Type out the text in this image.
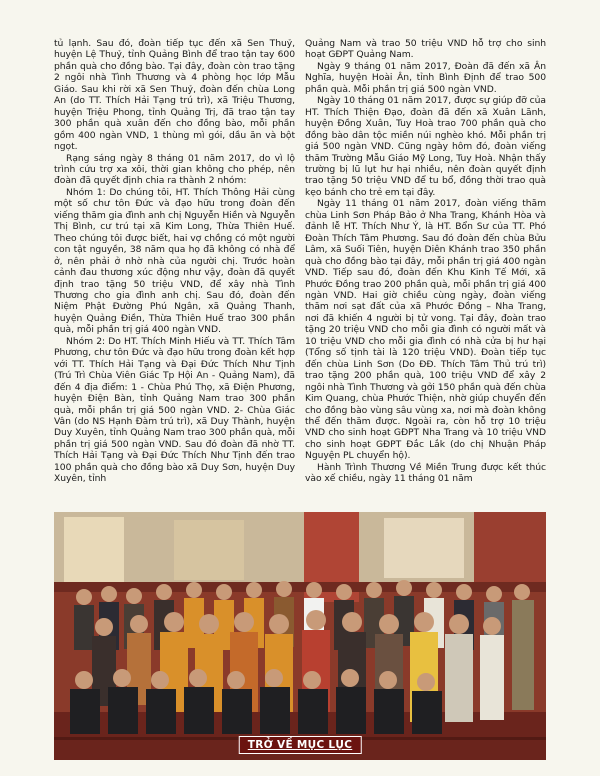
tủ lạnh. Sau đó, đoàn tiếp tục đến xã Sen Thuỷ, huyện Lệ Thuỷ, tỉnh Quảng Bình để trao tận tay 600 phần quà cho đồng bào. Tại đây, đoàn còn trao tặng 2 ngôi nhà Tình Thương và 4 phòng học lớp Mẫu Giáo. Sau khi rời xã Sen Thuỷ, đoàn đến chùa Long An (do TT. Thích Hải Tạng trú trì), xã Triệu Thương, huyện Triệu Phong, tỉnh Quảng Trị, đã trao tận tay 300 phần quà xuân đến cho đồng bào, mỗi phần gồm 400 ngàn VND, 1 thùng mì gói, dầu ăn và bột ngọt.

Rạng sáng ngày 8 tháng 01 năm 2017, do vì lộ trình cứu trợ xa xôi, thời gian không cho phép, nên đoàn đã quyết định chia ra thành 2 nhóm:

Nhóm 1: Do chúng tôi, HT. Thích Thông Hải cùng một số chư tôn Đức và đạo hữu trong đoàn đến viếng thăm gia đình anh chị Nguyễn Hiền và Nguyễn Thị Bình, cư trú tại xã Kim Long, Thừa Thiên Huế. Theo chúng tôi được biết, hai vợ chồng có một người con tật nguyền, 38 năm qua họ đã không có nhà để ở, nên phải ở nhờ nhà của người chị. Trước hoàn cảnh đau thương xúc động như vậy, đoàn đã quyết định trao tặng 50 triệu VND, để xây nhà Tình Thương cho gia đình anh chị. Sau đó, đoàn đến Niệm Phật Đường Phú Ngân, xã Quảng Thanh, huyện Quảng Điền, Thừa Thiên Huế trao 300 phần quà, mỗi phần trị giá 400 ngàn VND.

Nhóm 2: Do HT. Thích Minh Hiếu và TT. Thích Tâm Phương, chư tôn Đức và đạo hữu trong đoàn kết hợp với TT. Thích Hải Tạng và Đại Đức Thích Như Tịnh (Trú Trì Chùa Viên Giác Tp Hội An - Quảng Nam), đã đến 4 địa điểm: 1 - Chùa Phú Thọ, xã Điện Phương, huyện Điện Bàn, tỉnh Quảng Nam trao 300 phần quà, mỗi phần trị giá 500 ngàn VND. 2- Chùa Giác Vân (do NS Hạnh Đàm trú trì), xã Duy Thành, huyện Duy Xuyên, tỉnh Quảng Nam trao 300 phần quà, mỗi phần trị giá 500 ngàn VND. Sau đó đoàn đã nhờ TT. Thích Hải Tạng và Đại Đức Thích Như Tịnh đến trao 100 phần quà cho đồng bào xã Duy Sơn, huyện Duy Xuyên, tỉnh

Quảng Nam và trao 50 triệu VND hỗ trợ cho sinh hoạt GĐPT Quảng Nam.

Ngày 9 tháng 01 năm 2017, Đoàn đã đến xã Ân Nghĩa, huyện Hoài Ân, tỉnh Bình Định để trao 500 phần quà. Mỗi phần trị giá 500 ngàn VND.

Ngày 10 tháng 01 năm 2017, được sự giúp đỡ của HT. Thích Thiện Đạo, đoàn đã đến xã Xuân Lãnh, huyện Đồng Xuân, Tuy Hoà trao 700 phần quà cho đồng bào dân tộc miền núi nghèo khó. Mỗi phần trị giá 500 ngàn VND. Cũng ngày hôm đó, đoàn viếng thăm Trường Mẫu Giáo Mỹ Long, Tuy Hoà. Nhận thấy trường bị lũ lụt hư hại nhiều, nên đoàn quyết định trao tặng 50 triệu VND để tu bổ, đồng thời trao quà kẹo bánh cho trẻ em tại đây.

Ngày 11 tháng 01 năm 2017, đoàn viếng thăm chùa Linh Sơn Pháp Bảo ở Nha Trang, Khánh Hòa và đảnh lễ HT. Thích Như Ý, là HT. Bổn Sư của TT. Phó Đoàn Thích Tâm Phương. Sau đó đoàn đến chùa Bửu Lâm, xã Suối Tiên, huyện Diên Khánh trao 350 phần quà cho đồng bào tại đây, mỗi phần trị giá 400 ngàn VND. Tiếp sau đó, đoàn đến Khu Kinh Tế Mới, xã Phước Đồng trao 200 phần quà, mỗi phần trị giá 400 ngàn VND. Hai giờ chiều cùng ngày, đoàn viếng thăm nơi sạt đất của xã Phước Đồng – Nha Trang, nơi đã khiến 4 người bị tử vong. Tại đây, đoàn trao tặng 20 triệu VND cho mỗi gia đình có người mất và 10 triệu VND cho mỗi gia đình có nhà cửa bị hư hại (Tổng số tịnh tài là 120 triệu VND). Đoàn tiếp tục đến chùa Linh Sơn (Do ĐĐ. Thích Tâm Thủ trú trì) trao tặng 200 phần quà, 100 triệu VND để xây 2 ngôi nhà Tình Thương và gởi 150 phần quà đến chùa Kim Quang, chùa Phước Thiện, nhờ giúp chuyển đến cho đồng bào vùng sâu vùng xa, nơi mà đoàn không thể đến thăm được. Ngoài ra, còn hỗ trợ 10 triệu VND cho sinh hoạt GĐPT Nha Trang và 10 triệu VND cho sinh hoạt GĐPT Đắc Lắk (do chị Nhuận Pháp Nguyện PL chuyển hộ).

Hành Trình Thương Về Miền Trung được kết thúc vào xế chiều, ngày 11 tháng 01 năm

TRỞ VỀ MỤC LỤC
